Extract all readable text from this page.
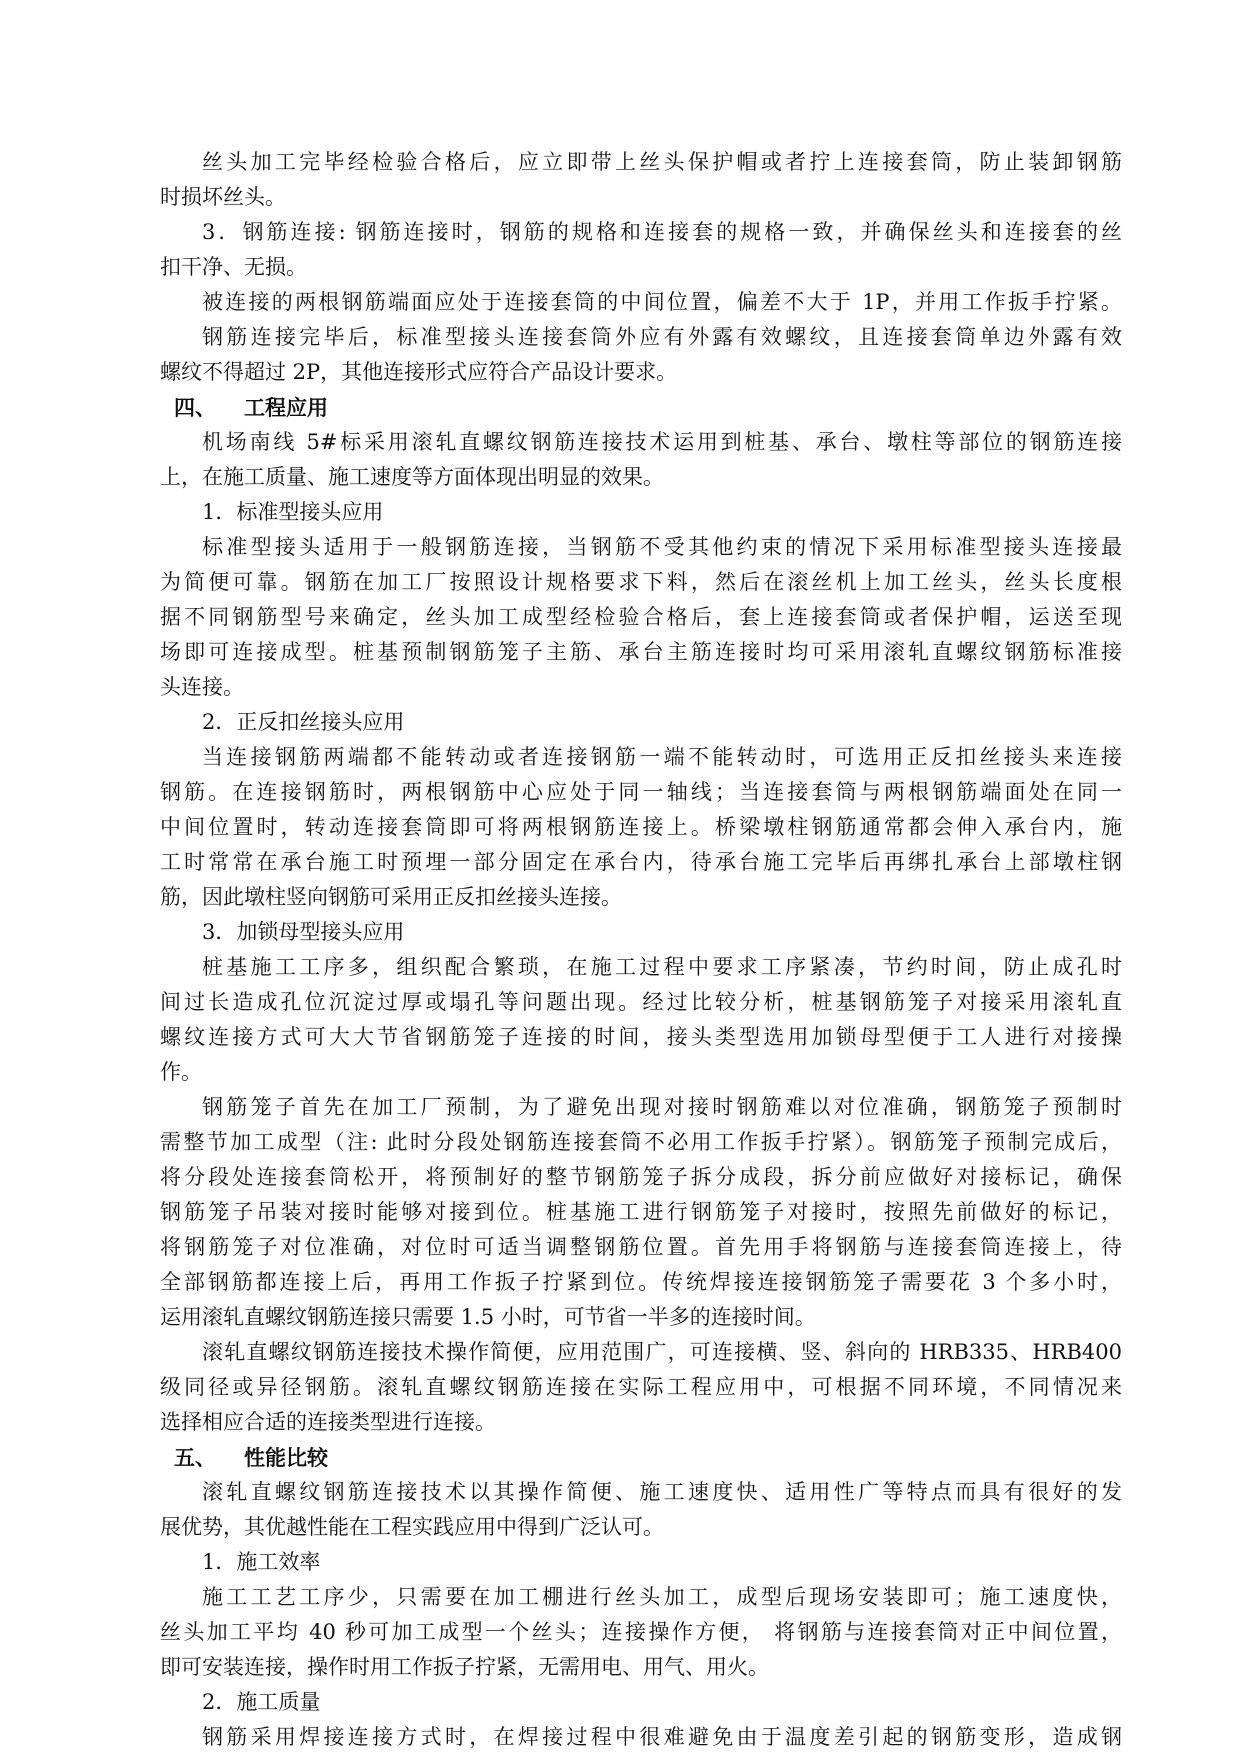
丝头加工完毕经检验合格后，应立即带上丝头保护帽或者拧上连接套筒，防止装卸钢筋
时损坏丝头。
3．钢筋连接: 钢筋连接时，钢筋的规格和连接套的规格一致，并确保丝头和连接套的丝
扣干净、无损。
被连接的两根钢筋端面应处于连接套筒的中间位置，偏差不大于 1P，并用工作扳手拧紧。
钢筋连接完毕后，标准型接头连接套筒外应有外露有效螺纹，且连接套筒单边外露有效
螺纹不得超过 2P，其他连接形式应符合产品设计要求。
四、 工程应用
机场南线 5#标采用滚轧直螺纹钢筋连接技术运用到桩基、承台、墩柱等部位的钢筋连接
上，在施工质量、施工速度等方面体现出明显的效果。
1．标准型接头应用
标准型接头适用于一般钢筋连接，当钢筋不受其他约束的情况下采用标准型接头连接最
为简便可靠。钢筋在加工厂按照设计规格要求下料，然后在滚丝机上加工丝头，丝头长度根
据不同钢筋型号来确定，丝头加工成型经检验合格后，套上连接套筒或者保护帽，运送至现
场即可连接成型。桩基预制钢筋笼子主筋、承台主筋连接时均可采用滚轧直螺纹钢筋标准接
头连接。
2．正反扣丝接头应用
当连接钢筋两端都不能转动或者连接钢筋一端不能转动时，可选用正反扣丝接头来连接
钢筋。在连接钢筋时，两根钢筋中心应处于同一轴线；当连接套筒与两根钢筋端面处在同一
中间位置时，转动连接套筒即可将两根钢筋连接上。桥梁墩柱钢筋通常都会伸入承台内，施
工时常常在承台施工时预埋一部分固定在承台内，待承台施工完毕后再绑扎承台上部墩柱钢
筋，因此墩柱竖向钢筋可采用正反扣丝接头连接。
3．加锁母型接头应用
桩基施工工序多，组织配合繁琐，在施工过程中要求工序紧凑，节约时间，防止成孔时
间过长造成孔位沉淀过厚或塌孔等问题出现。经过比较分析，桩基钢筋笼子对接采用滚轧直
螺纹连接方式可大大节省钢筋笼子连接的时间，接头类型选用加锁母型便于工人进行对接操
作。
钢筋笼子首先在加工厂预制，为了避免出现对接时钢筋难以对位准确，钢筋笼子预制时
需整节加工成型（注: 此时分段处钢筋连接套筒不必用工作扳手拧紧）。钢筋笼子预制完成后，
将分段处连接套筒松开，将预制好的整节钢筋笼子拆分成段，拆分前应做好对接标记，确保
钢筋笼子吊装对接时能够对接到位。桩基施工进行钢筋笼子对接时，按照先前做好的标记，
将钢筋笼子对位准确，对位时可适当调整钢筋位置。首先用手将钢筋与连接套筒连接上，待
全部钢筋都连接上后，再用工作扳子拧紧到位。传统焊接连接钢筋笼子需要花 3 个多小时，
运用滚轧直螺纹钢筋连接只需要 1.5 小时，可节省一半多的连接时间。
滚轧直螺纹钢筋连接技术操作简便，应用范围广，可连接横、竖、斜向的 HRB335、HRB400
级同径或异径钢筋。滚轧直螺纹钢筋连接在实际工程应用中，可根据不同环境，不同情况来
选择相应合适的连接类型进行连接。
五、 性能比较
滚轧直螺纹钢筋连接技术以其操作简便、施工速度快、适用性广等特点而具有很好的发
展优势，其优越性能在工程实践应用中得到广泛认可。
1．施工效率
施工工艺工序少，只需要在加工棚进行丝头加工，成型后现场安装即可；施工速度快，
丝头加工平均 40 秒可加工成型一个丝头；连接操作方便， 将钢筋与连接套筒对正中间位置，
即可安装连接，操作时用工作扳子拧紧，无需用电、用气、用火。
2．施工质量
钢筋采用焊接连接方式时，在焊接过程中很难避免由于温度差引起的钢筋变形，造成钢
